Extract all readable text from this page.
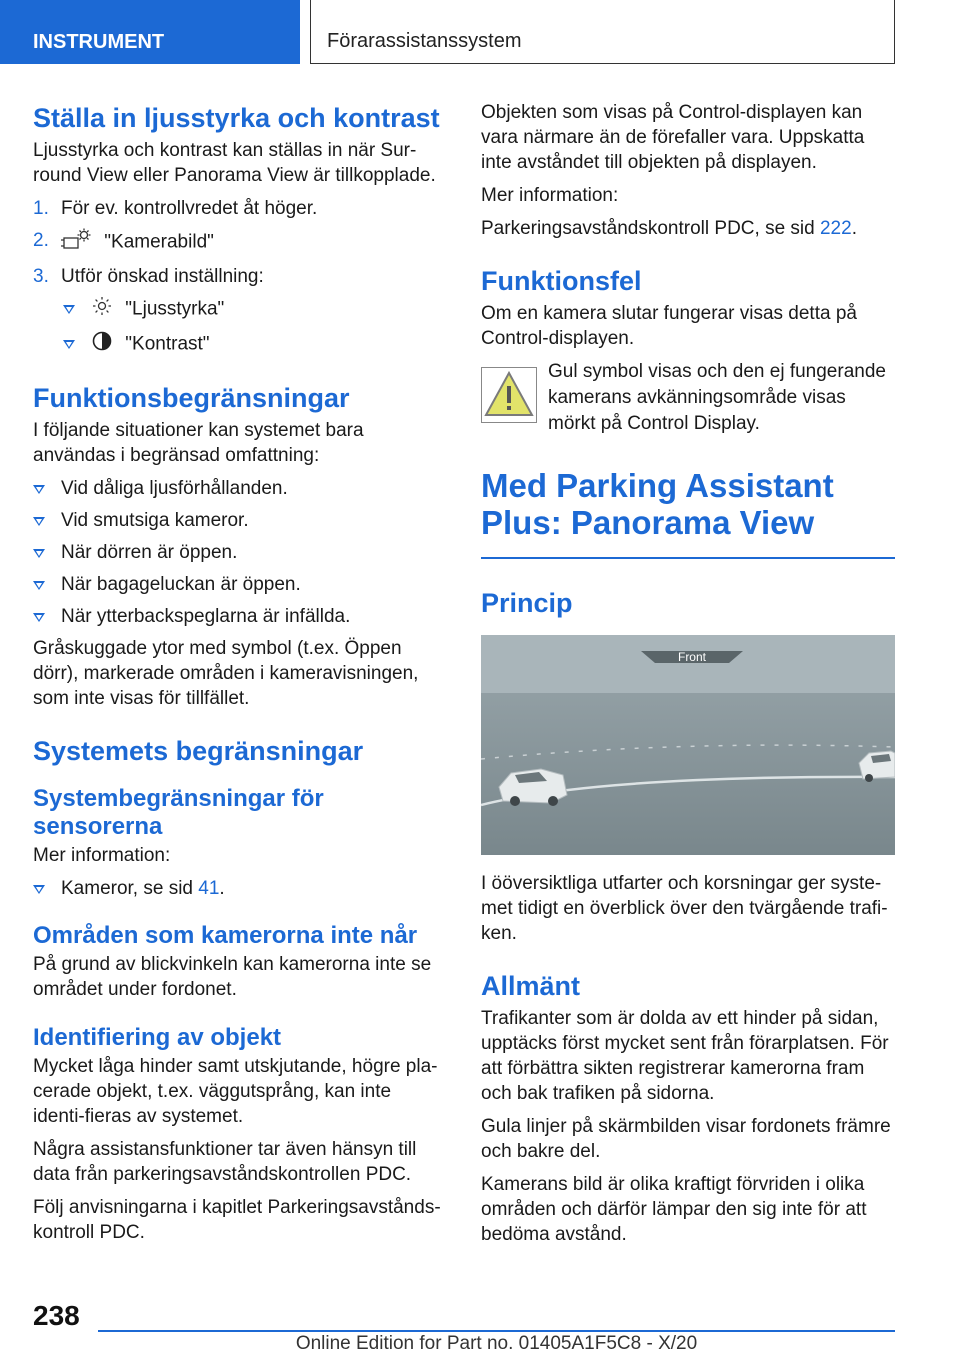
INSTRUMENT	Förarassistanssystem
Ställa in ljusstyrka och kontrast

Ljusstyrka och kontrast kan ställas in när Sur-round View eller Panorama View är tillkopplade.

1. För ev. kontrollvredet åt höger.
2.	"Kamerabild"
3. Utför önskad inställning:
"Ljusstyrka"
"Kontrast"
Funktionsbegränsningar

I följande situationer kan systemet bara användas i begränsad omfattning:

Vid dåliga ljusförhållanden.
Vid smutsiga kameror.
När dörren är öppen.
När bagageluckan är öppen.
När ytterbackspeglarna är infällda.

Gråskuggade ytor med symbol (t.ex. Öppen dörr), markerade områden i kameravisningen, som inte visas för tillfället.

Systemets begränsningar
Systembegränsningar för sensorerna

Mer information:

Kameror, se sid 41.
Områden som kamerorna inte når

På grund av blickvinkeln kan kamerorna inte se området under fordonet.

Identifiering av objekt

Mycket låga hinder samt utskjutande, högre pla-cerade objekt, t.ex. väggutsprång, kan inte identi-fieras av systemet.

Några assistansfunktioner tar även hänsyn till data från parkeringsavståndskontrollen PDC.

Följ anvisningarna i kapitlet Parkeringsavstånds-kontroll PDC.

Objekten som visas på Control-displayen kan vara närmare än de förefaller vara. Uppskatta inte avståndet till objekten på displayen.

Mer information:

Parkeringsavståndskontroll PDC, se sid 222.

Funktionsfel

Om en kamera slutar fungerar visas detta på Control-displayen.

Gul symbol visas och den ej fungerande kamerans avkänningsområde visas mörkt på Control Display.
Med Parking Assistant
Plus: Panorama View
Princip
Front

I ööversiktliga utfarter och korsningar ger syste-met tidigt en överblick över den tvärgående trafi-ken.

Allmänt

Trafikanter som är dolda av ett hinder på sidan, upptäcks först mycket sent från förarplatsen. För att förbättra sikten registrerar kamerorna fram och bak trafiken på sidorna.

Gula linjer på skärmbilden visar fordonets främre och bakre del.

Kamerans bild är olika kraftigt förvriden i olika områden och därför lämpar den sig inte för att bedöma avstånd.

238
Online Edition for Part no. 01405A1F5C8 - X/20
